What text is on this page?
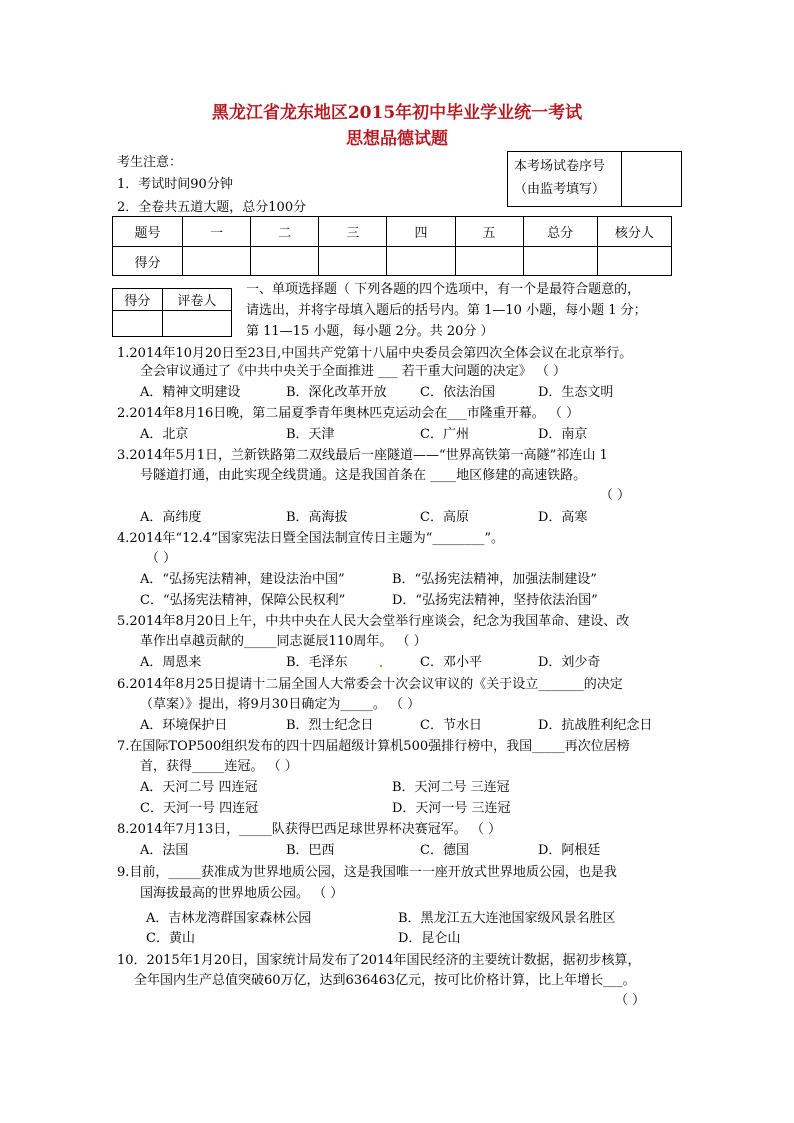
黑龙江省龙东地区2015年初中毕业学业统一考试
思想品德试题
考生注意：
1．考试时间90分钟
2．全卷共五道大题，总分100分
本考场试卷序号
（由监考填写）
题号	一	二	三	四	五	总分	核分人
得分							
得分	评卷人

一、单项选择题（ 下列各题的四个选项中，有一个是最符合题意的，
请选出，并将字母填入题后的括号内。第 1—10 小题，每小题 1 分；
第 11—15 小题，每小题 2分。共 20分 ）
1.2014年10月20日至23日,中国共产党第十八届中央委员会第四次全体会议在北京举行。
全会审议通过了《中共中央关于全面推进 ___ 若干重大问题的决定》 （ ）
A．精神文明建设	B．深化改革开放	C．依法治国	D．生态文明
2.2014年8月16日晚，第二届夏季青年奥林匹克运动会在___市隆重开幕。 （ ）
A．北京	B．天津	C．广州	D．南京
3.2014年5月1日，兰新铁路第二双线最后一座隧道——“世界高铁第一高隧”祁连山 1
号隧道打通，由此实现全线贯通。这是我国首条在 ____地区修建的高速铁路。
（ ）
A．高纬度	B．高海拔	C．高原	D．高寒
4.2014年“12.4”国家宪法日暨全国法制宣传日主题为“________”。
（ ）
A．“弘扬宪法精神，建设法治中国”	B．“弘扬宪法精神，加强法制建设”
C．“弘扬宪法精神，保障公民权利”	D．“弘扬宪法精神，坚持依法治国”
5.2014年8月20日上午，中共中央在人民大会堂举行座谈会，纪念为我国革命、建设、改
革作出卓越贡献的_____同志诞辰110周年。 （ ）
A．周恩来	B．毛泽东	C．邓小平	D．刘少奇
6.2014年8月25日提请十二届全国人大常委会十次会议审议的《关于设立_______的决定
（草案）》提出，将9月30日确定为_____。 （ ）
A．环境保护日	B．烈士纪念日	C．节水日	D．抗战胜利纪念日
7.在国际TOP500组织发布的四十四届超级计算机500强排行榜中，我国_____再次位居榜
首，获得_____连冠。 （ ）
A．天河二号 四连冠	B．天河二号 三连冠
C．天河一号 四连冠	D．天河一号 三连冠
8.2014年7月13日，_____队获得巴西足球世界杯决赛冠军。 （ ）
A．法国	B．巴西	C．德国	D．阿根廷
9.目前，_____获准成为世界地质公园，这是我国唯一一座开放式世界地质公园，也是我
国海拔最高的世界地质公园。 （ ）
A．吉林龙湾群国家森林公园	B．黑龙江五大连池国家级风景名胜区
C．黄山	D．昆仑山
10．2015年1月20日，国家统计局发布了2014年国民经济的主要统计数据，据初步核算，
全年国内生产总值突破60万亿，达到636463亿元，按可比价格计算，比上年增长___。
（ ）
